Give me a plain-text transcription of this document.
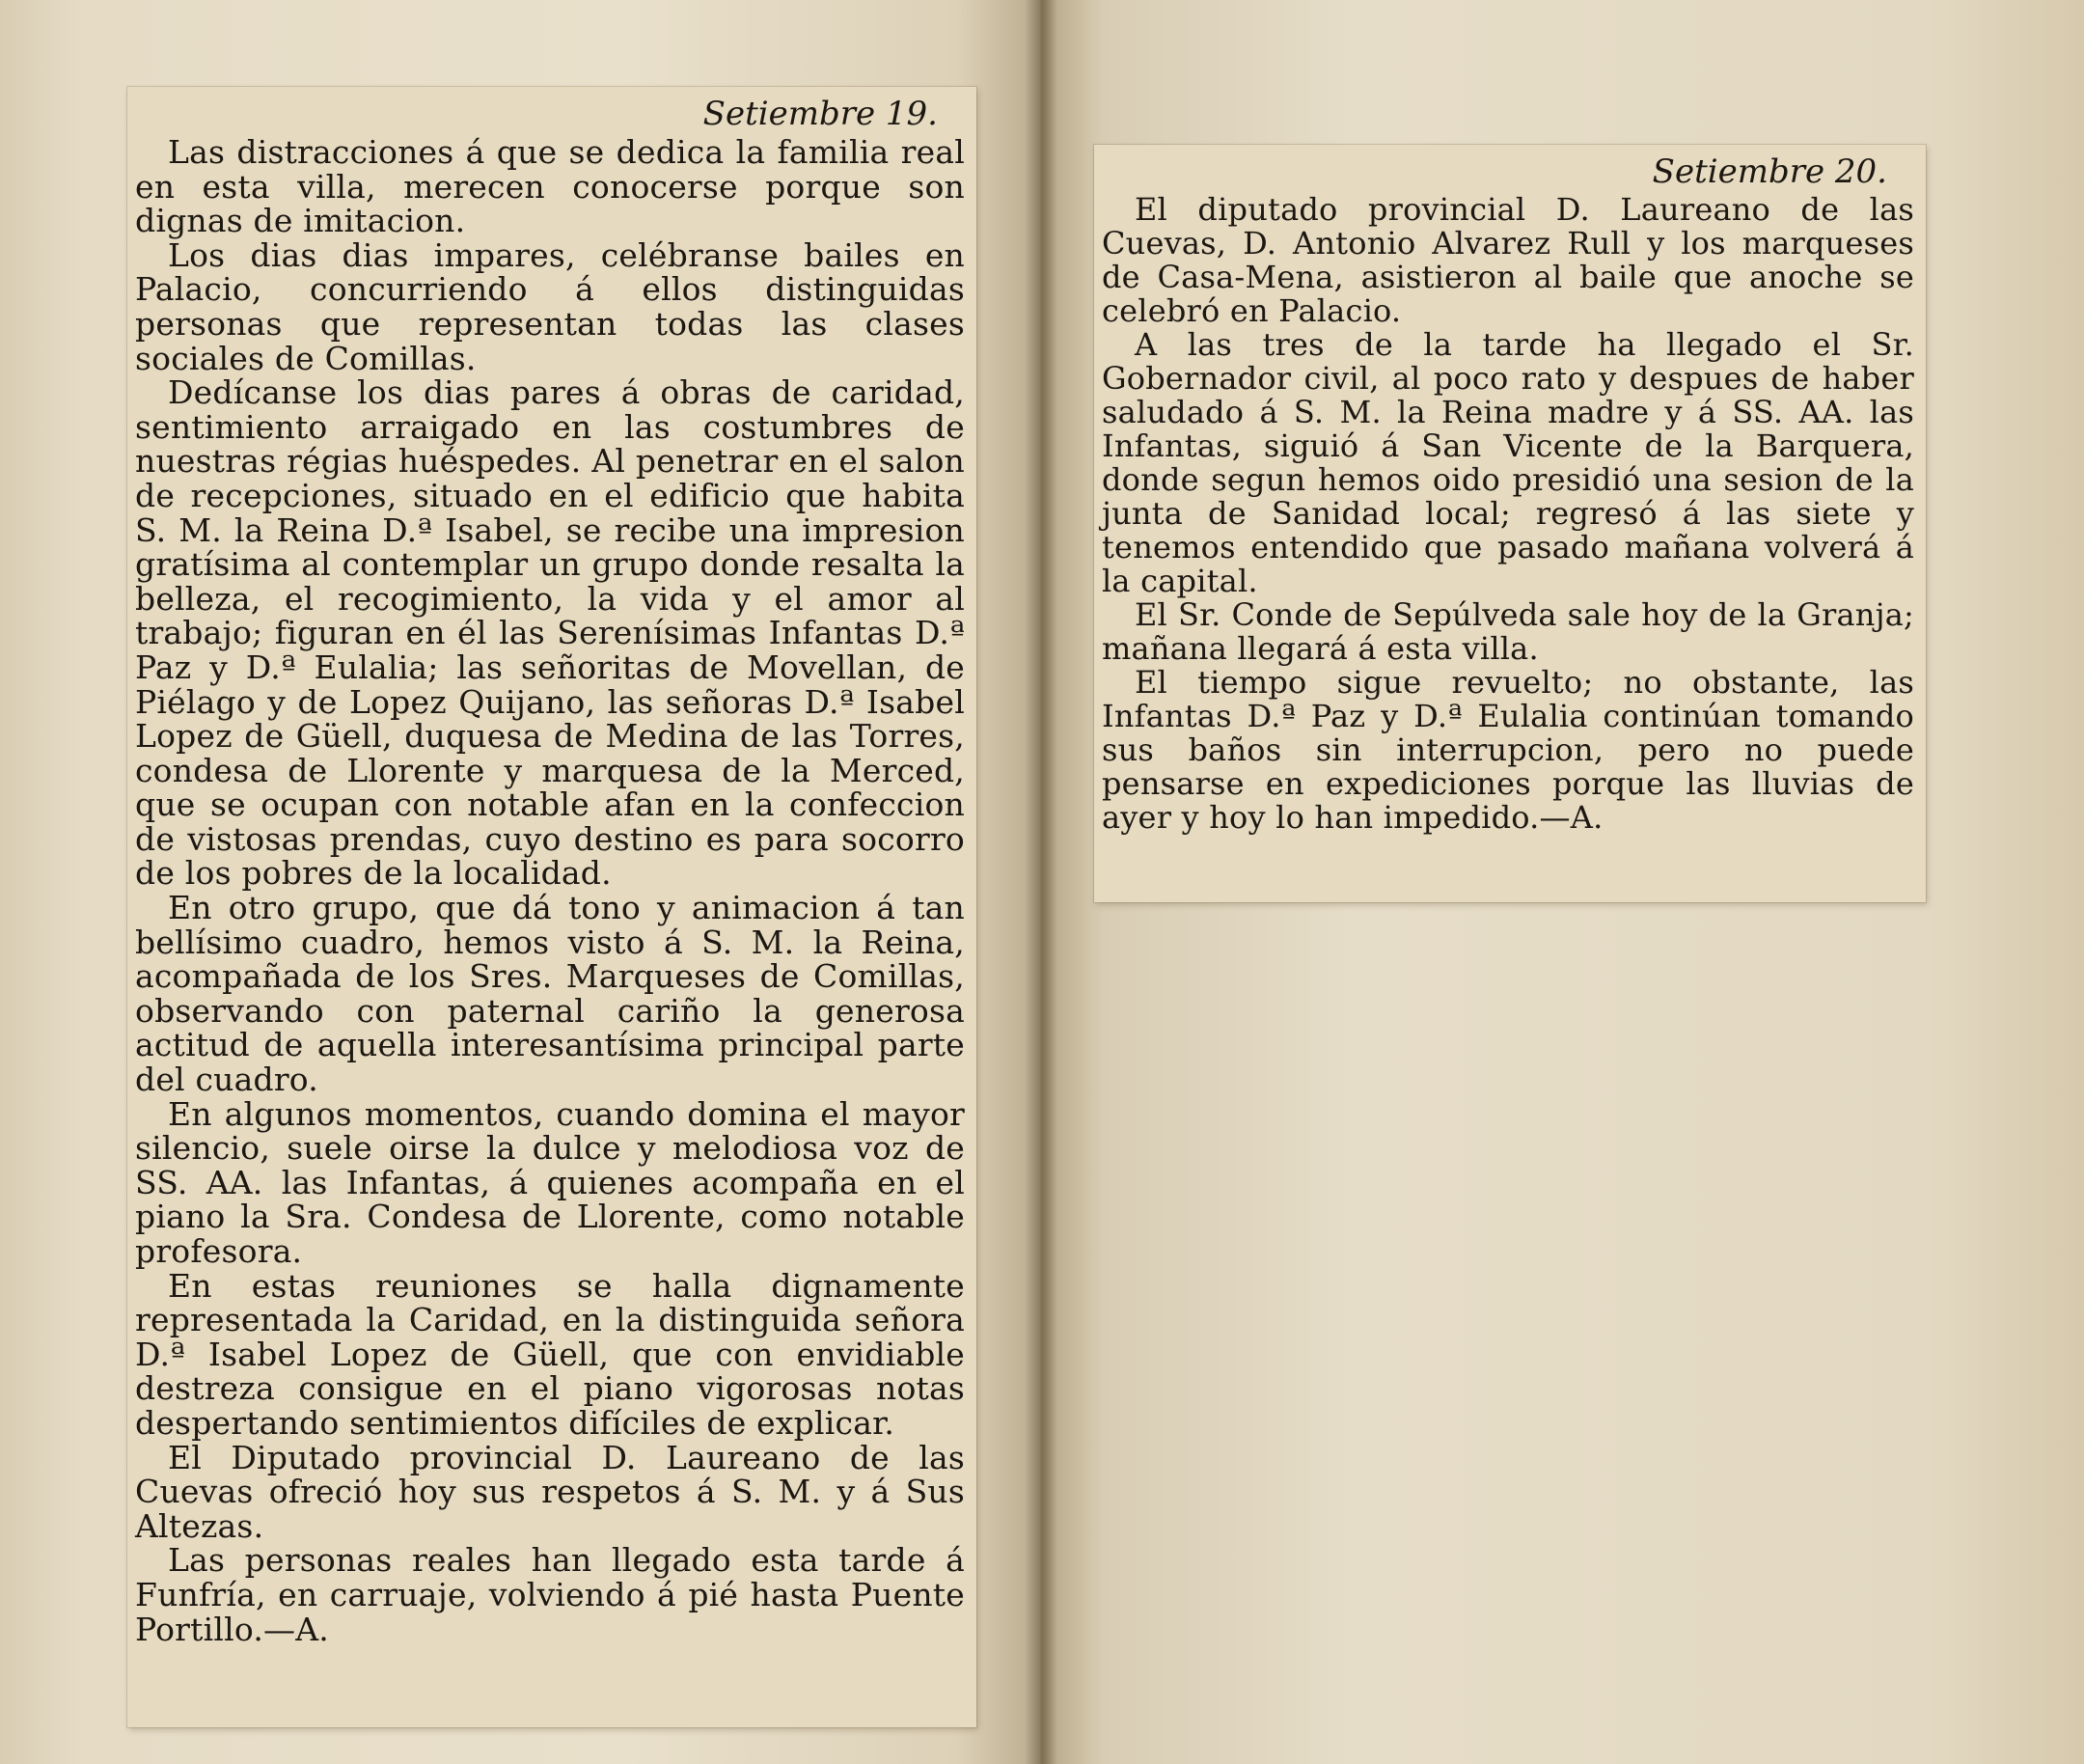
Setiembre 19.

Las distracciones á que se dedica la familia real en esta villa, merecen conocerse porque son dignas de imitacion.

Los dias dias impares, celébranse bailes en Palacio, concurriendo á ellos distinguidas personas que representan todas las clases sociales de Comillas.

Dedícanse los dias pares á obras de caridad, sentimiento arraigado en las costumbres de nuestras régias huéspedes. Al penetrar en el salon de recepciones, situado en el edificio que habita S. M. la Reina D.ª Isabel, se recibe una impresion gratísima al contemplar un grupo donde resalta la belleza, el recogimiento, la vida y el amor al trabajo; figuran en él las Serenísimas Infantas D.ª Paz y D.ª Eulalia; las señoritas de Movellan, de Piélago y de Lopez Quijano, las señoras D.ª Isabel Lopez de Güell, duquesa de Medina de las Torres, condesa de Llorente y marquesa de la Merced, que se ocupan con notable afan en la confeccion de vistosas prendas, cuyo destino es para socorro de los pobres de la localidad.

En otro grupo, que dá tono y animacion á tan bellísimo cuadro, hemos visto á S. M. la Reina, acompañada de los Sres. Marqueses de Comillas, observando con paternal cariño la generosa actitud de aquella interesantísima principal parte del cuadro.

En algunos momentos, cuando domina el mayor silencio, suele oirse la dulce y melodiosa voz de SS. AA. las Infantas, á quienes acompaña en el piano la Sra. Condesa de Llorente, como notable profesora.

En estas reuniones se halla dignamente representada la Caridad, en la distinguida señora D.ª Isabel Lopez de Güell, que con envidiable destreza consigue en el piano vigorosas notas despertando sentimientos difíciles de explicar.

El Diputado provincial D. Laureano de las Cuevas ofreció hoy sus respetos á S. M. y á Sus Altezas.

Las personas reales han llegado esta tarde á Funfría, en carruaje, volviendo á pié hasta Puente Portillo.—A.

Setiembre 20.

El diputado provincial D. Laureano de las Cuevas, D. Antonio Alvarez Rull y los marqueses de Casa-Mena, asistieron al baile que anoche se celebró en Palacio.

A las tres de la tarde ha llegado el Sr. Gobernador civil, al poco rato y despues de haber saludado á S. M. la Reina madre y á SS. AA. las Infantas, siguió á San Vicente de la Barquera, donde segun hemos oido presidió una sesion de la junta de Sanidad local; regresó á las siete y tenemos entendido que pasado mañana volverá á la capital.

El Sr. Conde de Sepúlveda sale hoy de la Granja; mañana llegará á esta villa.

El tiempo sigue revuelto; no obstante, las Infantas D.ª Paz y D.ª Eulalia continúan tomando sus baños sin interrupcion, pero no puede pensarse en expediciones porque las lluvias de ayer y hoy lo han impedido.—A.
